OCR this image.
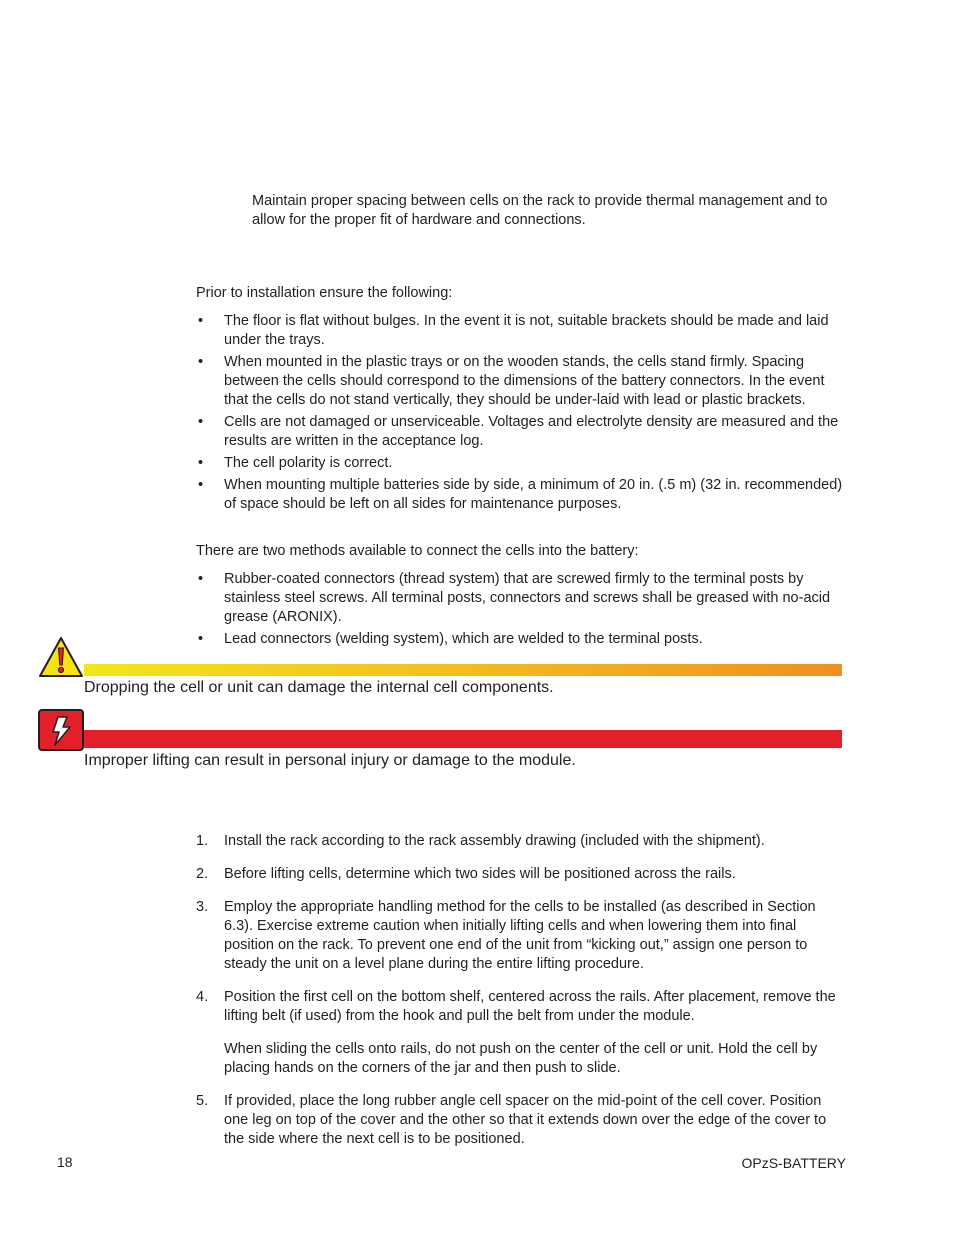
Maintain proper spacing between cells on the rack to provide thermal management and to allow for the proper fit of hardware and connections.
Prior to installation ensure the following:
• The floor is flat without bulges. In the event it is not, suitable brackets should be made and laid under the trays.
• When mounted in the plastic trays or on the wooden stands, the cells stand firmly. Spacing between the cells should correspond to the dimensions of the battery connectors. In the event that the cells do not stand vertically, they should be under-laid with lead or plastic brackets.
• Cells are not damaged or unserviceable. Voltages and electrolyte density are measured and the results are written in the acceptance log.
• The cell polarity is correct.
• When mounting multiple batteries side by side, a minimum of 20 in. (.5 m) (32 in. recommended) of space should be left on all sides for maintenance purposes.
There are two methods available to connect the cells into the battery:
• Rubber-coated connectors (thread system) that are screwed firmly to the terminal posts by stainless steel screws. All terminal posts, connectors and screws shall be greased with no-acid grease (ARONIX).
• Lead connectors (welding system), which are welded to the terminal posts.
Dropping the cell or unit can damage the internal cell components.
Improper lifting can result in personal injury or damage to the module.
1. Install the rack according to the rack assembly drawing (included with the shipment).
2. Before lifting cells, determine which two sides will be positioned across the rails.
3. Employ the appropriate handling method for the cells to be installed (as described in Section 6.3). Exercise extreme caution when initially lifting cells and when lowering them into final position on the rack. To prevent one end of the unit from “kicking out,” assign one person to steady the unit on a level plane during the entire lifting procedure.
4. Position the first cell on the bottom shelf, centered across the rails. After placement, remove the lifting belt (if used) from the hook and pull the belt from under the module.
When sliding the cells onto rails, do not push on the center of the cell or unit. Hold the cell by placing hands on the corners of the jar and then push to slide.
5. If provided, place the long rubber angle cell spacer on the mid-point of the cell cover. Position one leg on top of the cover and the other so that it extends down over the edge of the cover to the side where the next cell is to be positioned.
18	OPzS-BATTERY
